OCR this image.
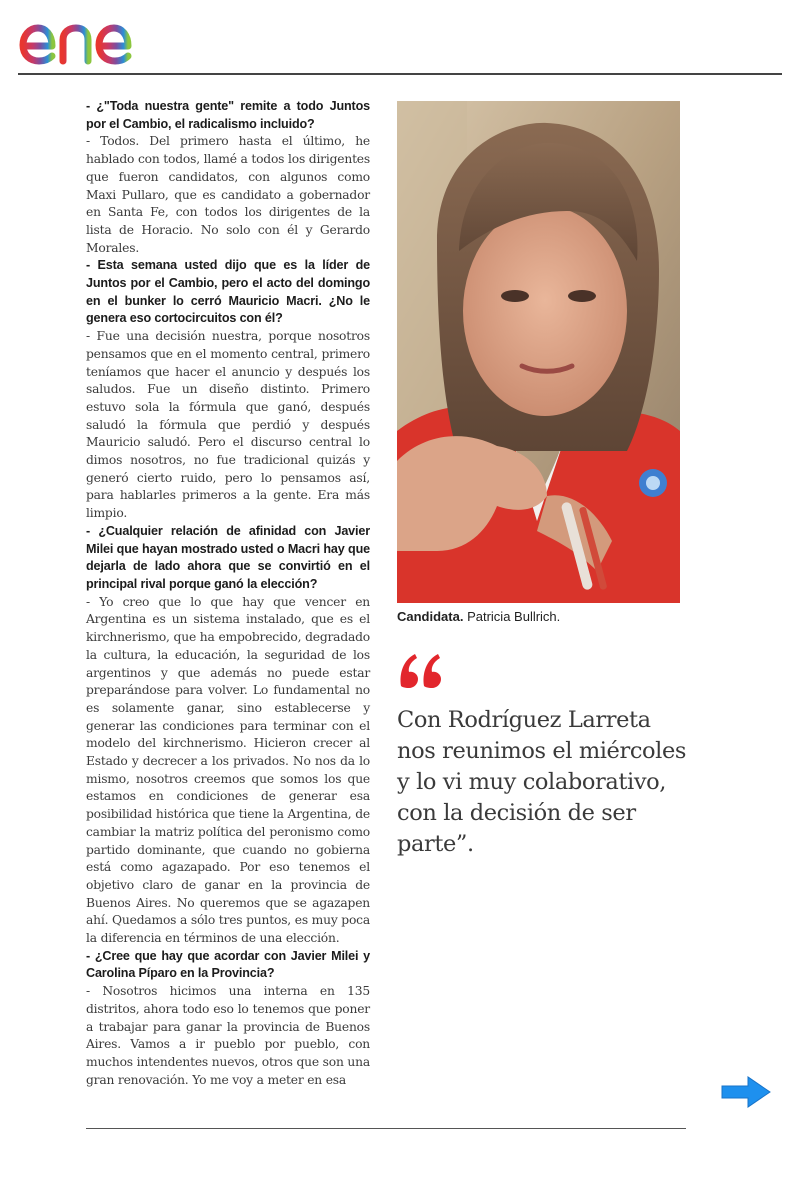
enel

- ¿"Toda nuestra gente" remite a todo Juntos por el Cambio, el radicalismo incluido?

- Todos. Del primero hasta el último, he hablado con todos, llamé a todos los dirigentes que fueron candidatos, con algunos como Maxi Pullaro, que es candidato a gobernador en Santa Fe, con todos los dirigentes de la lista de Horacio. No solo con él y Gerardo Morales.

- Esta semana usted dijo que es la líder de Juntos por el Cambio, pero el acto del domingo en el bunker lo cerró Mauricio Macri. ¿No le genera eso cortocircuitos con él?

- Fue una decisión nuestra, porque nosotros pensamos que en el momento central, primero teníamos que hacer el anuncio y después los saludos. Fue un diseño distinto. Primero estuvo sola la fórmula que ganó, después saludó la fórmula que perdió y después Mauricio saludó. Pero el discurso central lo dimos nosotros, no fue tradicional quizás y generó cierto ruido, pero lo pensamos así, para hablarles primeros a la gente. Era más limpio.

- ¿Cualquier relación de afinidad con Javier Milei que hayan mostrado usted o Macri hay que dejarla de lado ahora que se convirtió en el principal rival porque ganó la elección?

- Yo creo que lo que hay que vencer en Argentina es un sistema instalado, que es el kirchnerismo, que ha empobrecido, degradado la cultura, la educación, la seguridad de los argentinos y que además no puede estar preparándose para volver. Lo fundamental no es solamente ganar, sino establecerse y generar las condiciones para terminar con el modelo del kirchnerismo. Hicieron crecer al Estado y decrecer a los privados. No nos da lo mismo, nosotros creemos que somos los que estamos en condiciones de generar esa posibilidad histórica que tiene la Argentina, de cambiar la matriz política del peronismo como partido dominante, que cuando no gobierna está como agazapado. Por eso tenemos el objetivo claro de ganar en la provincia de Buenos Aires. No queremos que se agazapen ahí. Quedamos a sólo tres puntos, es muy poca la diferencia en términos de una elección.

- ¿Cree que hay que acordar con Javier Milei y Carolina Píparo en la Provincia?

- Nosotros hicimos una interna en 135 distritos, ahora todo eso lo tenemos que poner a trabajar para ganar la provincia de Buenos Aires. Vamos a ir pueblo por pueblo, con muchos intendentes nuevos, otros que son una gran renovación. Yo me voy a meter en esa

Candidata. Patricia Bullrich.

Con Rodríguez Larreta nos reunimos el miércoles y lo vi muy colaborativo, con la decisión de ser parte”.
